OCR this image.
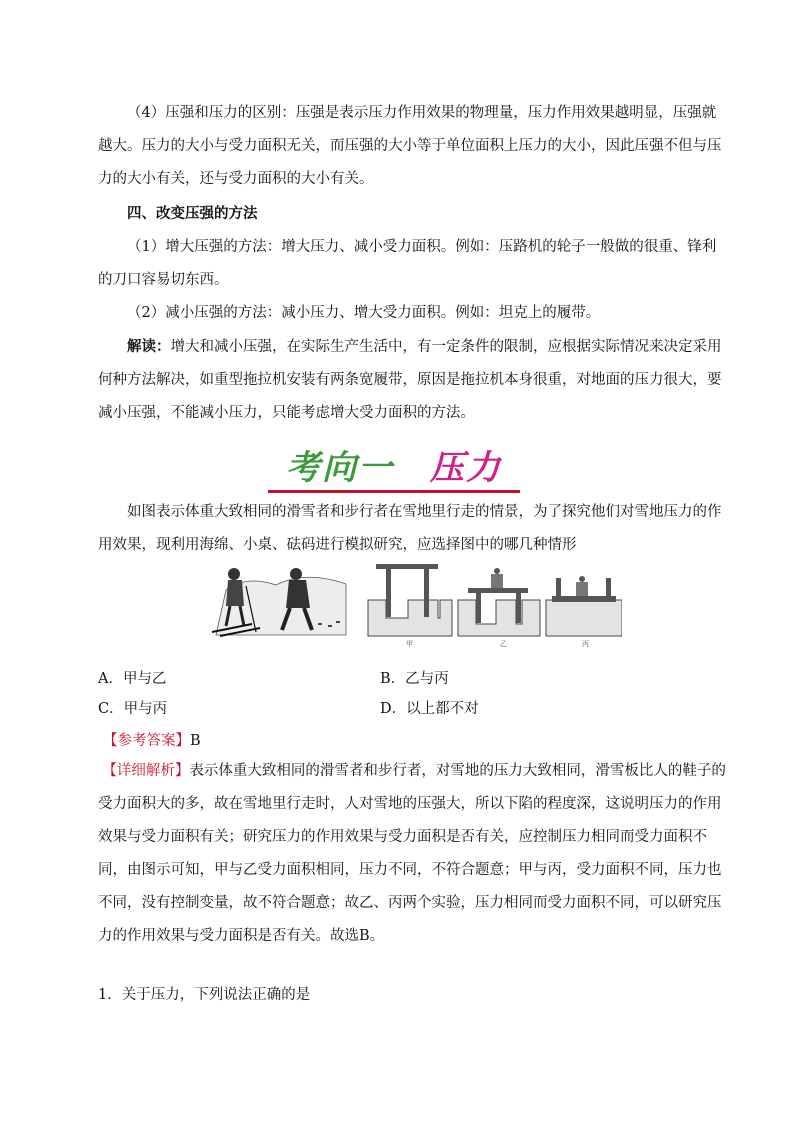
（4）压强和压力的区别：压强是表示压力作用效果的物理量，压力作用效果越明显，压强就越大。压力的大小与受力面积无关，而压强的大小等于单位面积上压力的大小，因此压强不但与压力的大小有关，还与受力面积的大小有关。
四、改变压强的方法
（1）增大压强的方法：增大压力、减小受力面积。例如：压路机的轮子一般做的很重、锋利的刀口容易切东西。
（2）减小压强的方法：减小压力、增大受力面积。例如：坦克上的履带。
解读：增大和减小压强，在实际生产生活中，有一定条件的限制，应根据实际情况来决定采用何种方法解决，如重型拖拉机安装有两条宽履带，原因是拖拉机本身很重，对地面的压力很大，要减小压强，不能减小压力，只能考虑增大受力面积的方法。
考向一　 压力
如图表示体重大致相同的滑雪者和步行者在雪地里行走的情景，为了探究他们对雪地压力的作用效果，现利用海绵、小桌、砝码进行模拟研究，应选择图中的哪几种情形
甲	乙	丙
A．甲与乙	B．乙与丙
C．甲与丙	D．以上都不对
【参考答案】B
【详细解析】表示体重大致相同的滑雪者和步行者，对雪地的压力大致相同，滑雪板比人的鞋子的受力面积大的多，故在雪地里行走时，人对雪地的压强大，所以下陷的程度深，这说明压力的作用效果与受力面积有关；研究压力的作用效果与受力面积是否有关，应控制压力相同而受力面积不同，由图示可知，甲与乙受力面积相同，压力不同，不符合题意；甲与丙，受力面积不同，压力也不同，没有控制变量，故不符合题意；故乙、丙两个实验，压力相同而受力面积不同，可以研究压力的作用效果与受力面积是否有关。故选B。
1．关于压力，下列说法正确的是
